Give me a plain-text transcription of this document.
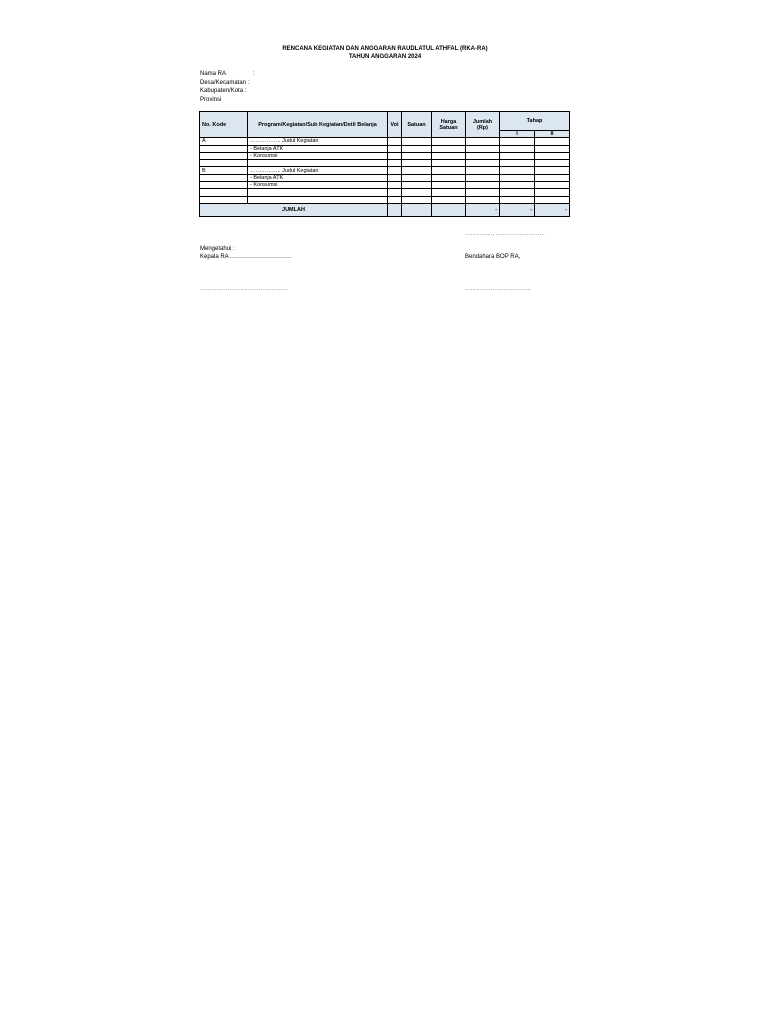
RENCANA KEGIATAN DAN ANGGARAN RAUDLATUL ATHFAL (RKA-RA)
TAHUN ANGGARAN 2024
Nama RA	:
Desa/Kecamatan :
Kabupaten/Kota :
Provinsi
No. Kode	Program/Kegiatan/Sub Kegiatan/Detil Belanja	Vol	Satuan	Harga Satuan	Jumlah (Rp)	Tahap	
						I	II
A	…………….. Judul Kegiatan						
	- Belanja ATK						
	- Konsumsi						

B	…………….. Judul Kegiatan						
	- Belanja ATK						
	- Konsumsi						

JUMLAH					-	-	-
……………, ………………………
Mengetahui :
Kepala RA ………………………….	Bendahara BOP RA,
…………………………………………	………………………………
